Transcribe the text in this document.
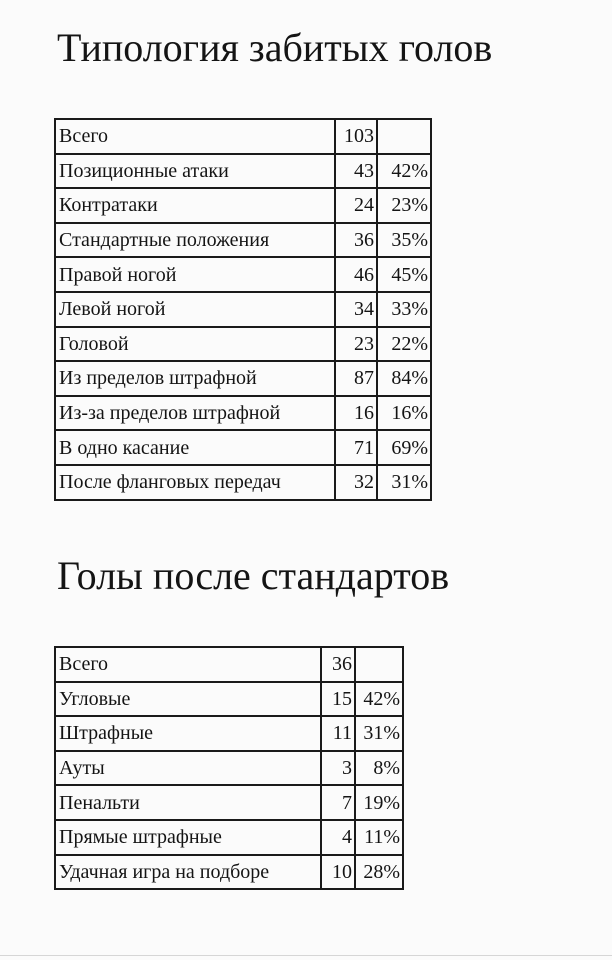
Типология забитых голов
Всего	103	
Позиционные атаки	43	42%
Контратаки	24	23%
Стандартные положения	36	35%
Правой ногой	46	45%
Левой ногой	34	33%
Головой	23	22%
Из пределов штрафной	87	84%
Из-за пределов штрафной	16	16%
В одно касание	71	69%
После фланговых передач	32	31%
Голы после стандартов
Всего	36	
Угловые	15	42%
Штрафные	11	31%
Ауты	3	8%
Пенальти	7	19%
Прямые штрафные	4	11%
Удачная игра на подборе	10	28%
